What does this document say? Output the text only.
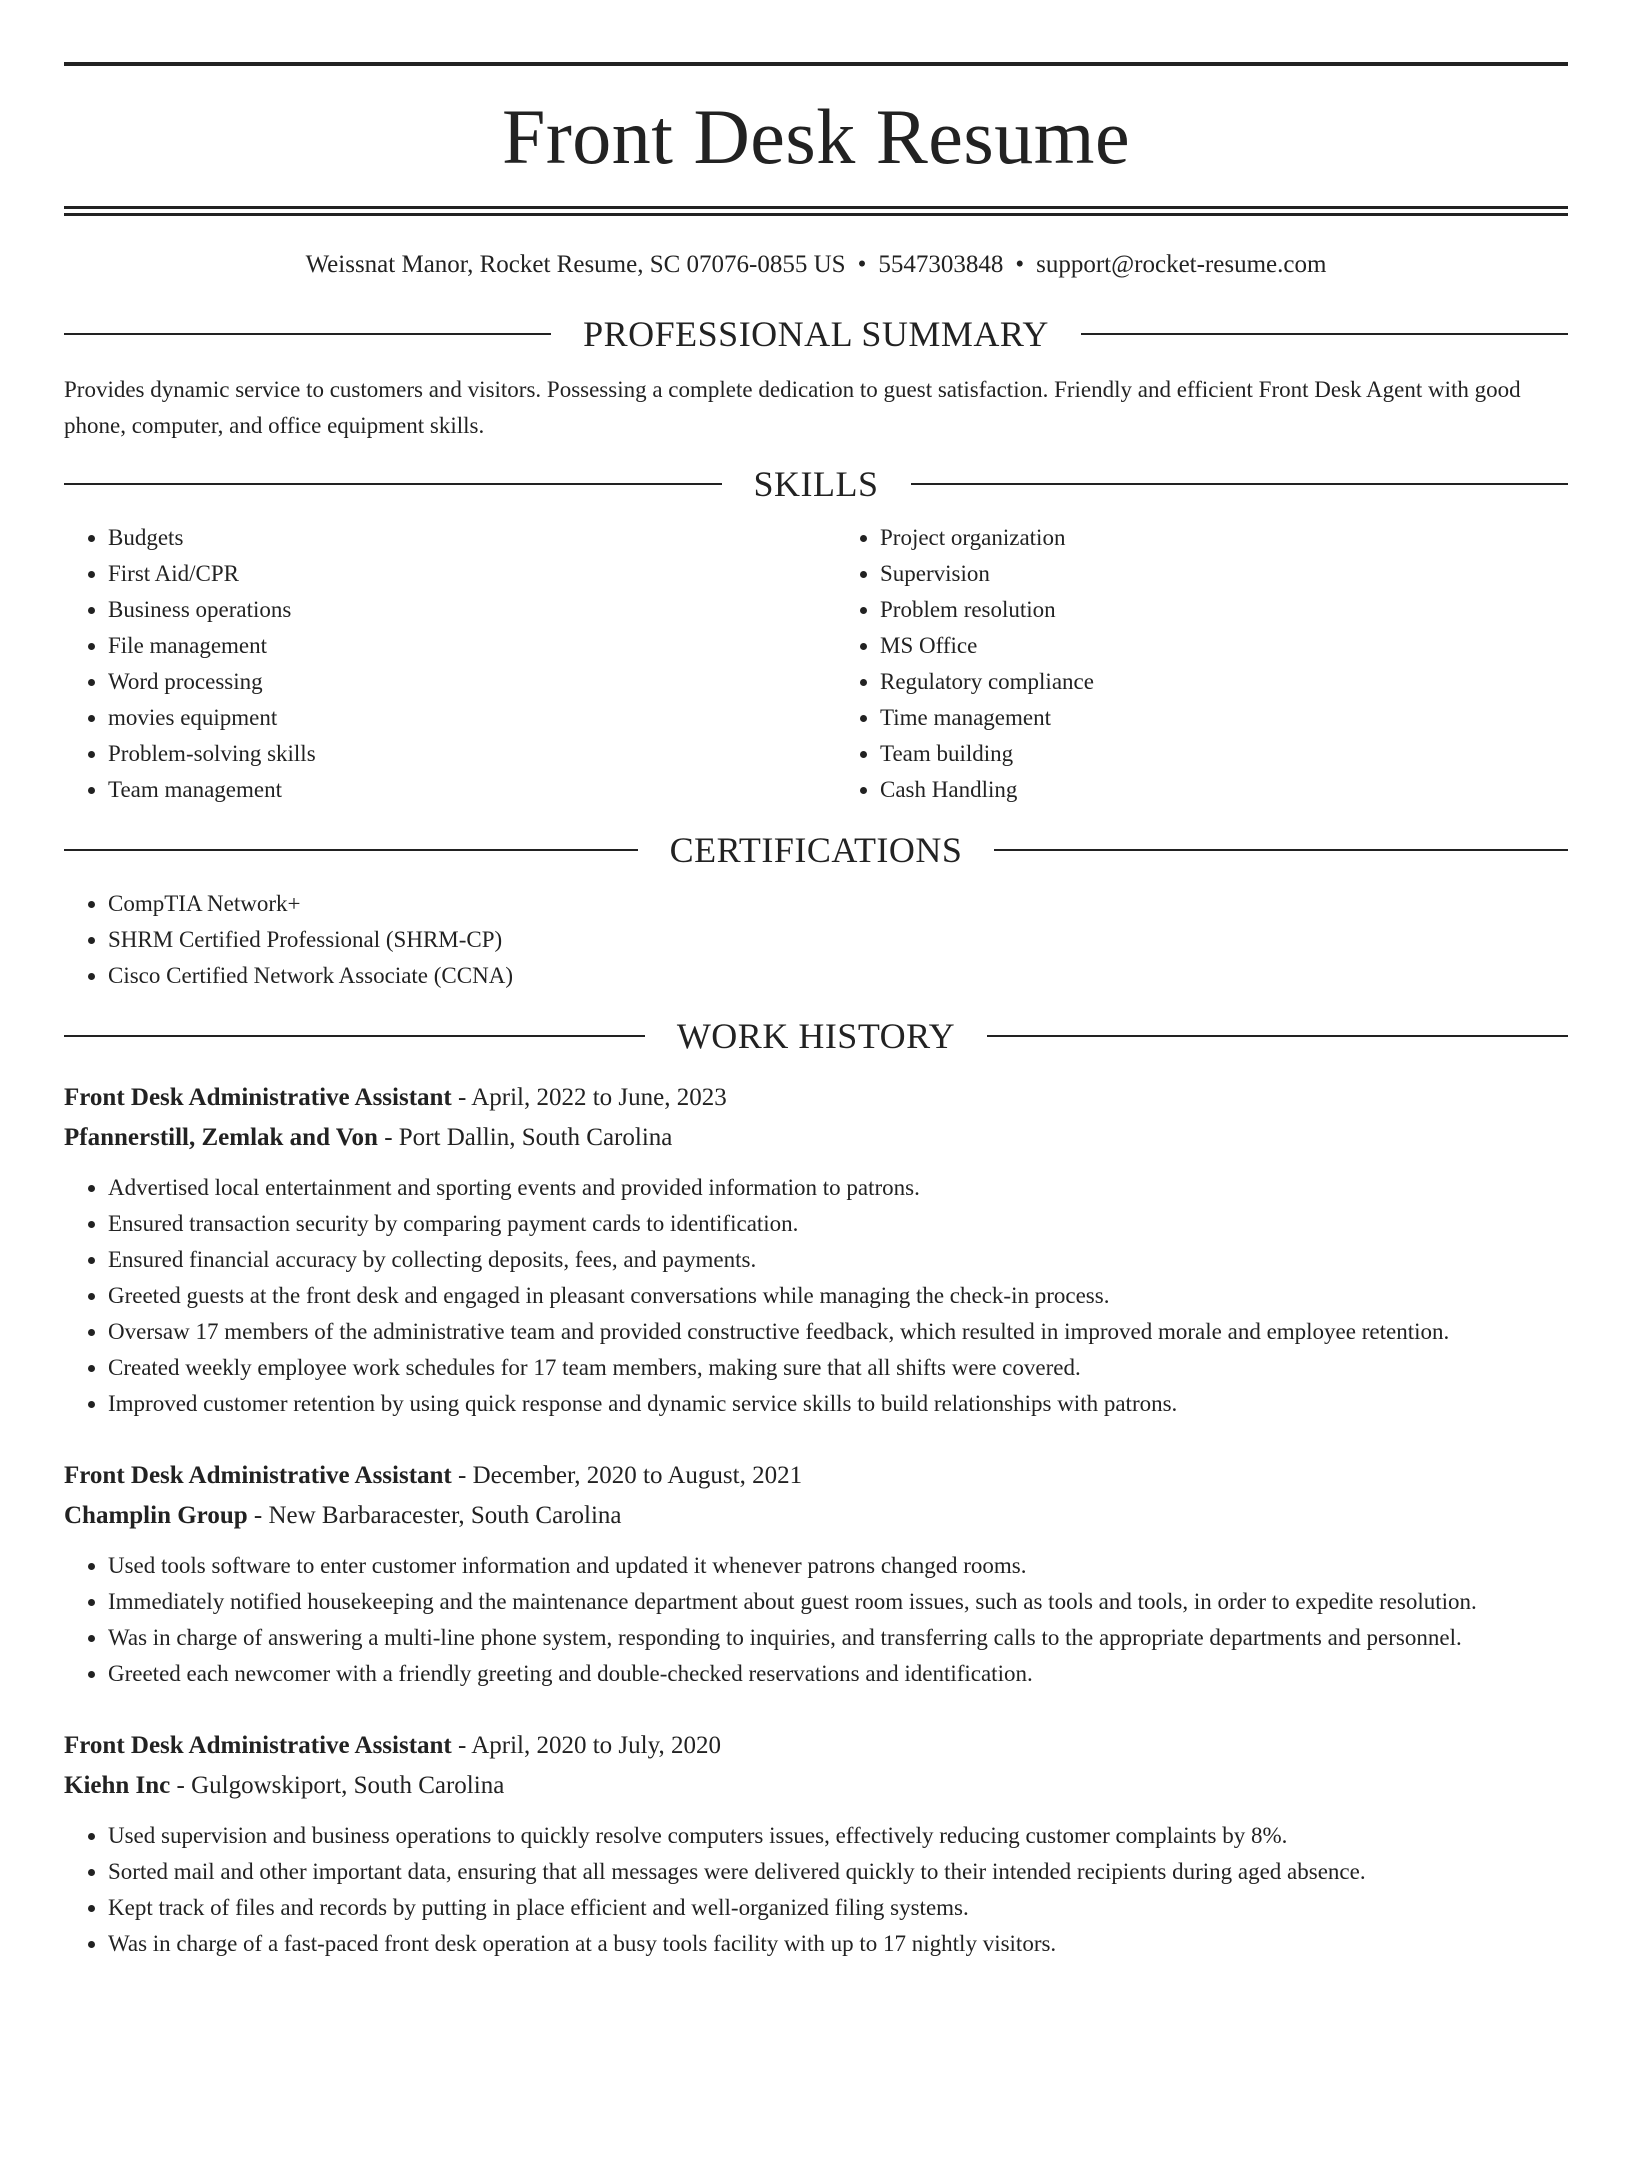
Front Desk Resume
Weissnat Manor, Rocket Resume, SC 07076-0855 US • 5547303848 • support@rocket-resume.com
PROFESSIONAL SUMMARY

Provides dynamic service to customers and visitors. Possessing a complete dedication to guest satisfaction. Friendly and efficient Front Desk Agent with good phone, computer, and office equipment skills.

SKILLS
• Budgets
• First Aid/CPR
• Business operations
• File management
• Word processing
• movies equipment
• Problem-solving skills
• Team management
• Project organization
• Supervision
• Problem resolution
• MS Office
• Regulatory compliance
• Time management
• Team building
• Cash Handling
CERTIFICATIONS
• CompTIA Network+
• SHRM Certified Professional (SHRM-CP)
• Cisco Certified Network Associate (CCNA)
WORK HISTORY
Front Desk Administrative Assistant - April, 2022 to June, 2023
Pfannerstill, Zemlak and Von - Port Dallin, South Carolina
• Advertised local entertainment and sporting events and provided information to patrons.
• Ensured transaction security by comparing payment cards to identification.
• Ensured financial accuracy by collecting deposits, fees, and payments.
• Greeted guests at the front desk and engaged in pleasant conversations while managing the check-in process.
• Oversaw 17 members of the administrative team and provided constructive feedback, which resulted in improved morale and employee retention.
• Created weekly employee work schedules for 17 team members, making sure that all shifts were covered.
• Improved customer retention by using quick response and dynamic service skills to build relationships with patrons.
Front Desk Administrative Assistant - December, 2020 to August, 2021
Champlin Group - New Barbaracester, South Carolina
• Used tools software to enter customer information and updated it whenever patrons changed rooms.
• Immediately notified housekeeping and the maintenance department about guest room issues, such as tools and tools, in order to expedite resolution.
• Was in charge of answering a multi-line phone system, responding to inquiries, and transferring calls to the appropriate departments and personnel.
• Greeted each newcomer with a friendly greeting and double-checked reservations and identification.
Front Desk Administrative Assistant - April, 2020 to July, 2020
Kiehn Inc - Gulgowskiport, South Carolina
• Used supervision and business operations to quickly resolve computers issues, effectively reducing customer complaints by 8%.
• Sorted mail and other important data, ensuring that all messages were delivered quickly to their intended recipients during aged absence.
• Kept track of files and records by putting in place efficient and well-organized filing systems.
• Was in charge of a fast-paced front desk operation at a busy tools facility with up to 17 nightly visitors.
